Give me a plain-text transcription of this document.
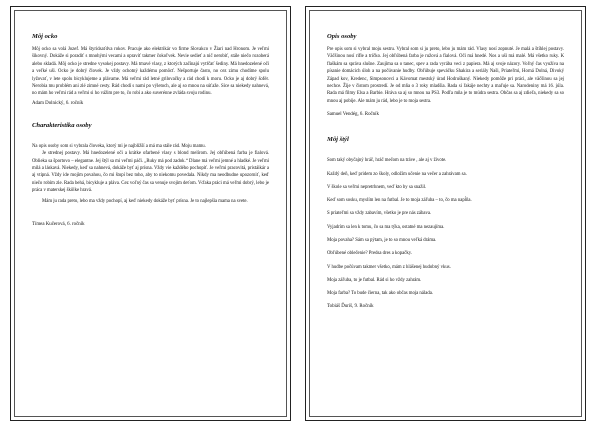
Môj ocko

Môj ocko sa volá Jozef. Má štyridsaťdva rokov. Pracuje ako elektrikár vo firme Slovakco v Žiari nad Hronom. Je veľmi šikovný. Dokáže si poradiť s mnohými vecami a opraviť takmer čokoľvek. Neviе sedieť a nič nerobiť, stále niečo rozoberá alebo skladá. Môj ocko je stredne vysokej postavy. Má tmavé vlasy, z ktorých začínajú vytŕčať šediny. Má hnedozelené oči a veľké uši. Ocko je dobrý človek. Je vždy ochotný každému pomôcť. Nešportuje často, no cez zimu chodíme spolu lyžovať, v lete spolu bicyklujeme a plávame. Má veľmi rád letné grilovačky a rád chodí k moru. Ocko je aj dobrý šofér. Nerobia mu problém ani zlé zimné cesty. Rád chodí s nami po výletoch, ale aj so mnou na súťaže. Sice sa niekedy nahnevá, no mám ho veľmi rád a veľmi si ho vážim pre to, čo robí a ako suverénne zvláda svoju rodinu.

Adam Dolnický, 6. ročník

Charakteristika osoby

Na opis osoby som si vybrala človeka, ktorý mi je najbližší a má ma stále rád. Moju mamu.

Je strednej postavy. Má hnedozelené oči a krátke ofarbené vlasy s blond melírom. Jej obľúbená farba je fialová. Oblieka sa športovo – elegantne. Jej štýl sa mi veľmi páči. „Ruky má pod zadok.“ Dlane má veľmi jemné a hladké. Je veľmi milá a láskavá. Niekedy, keď sa nahnevá, dokáže byť aj prísna. Vždy vie každého pochopiť. Je veľmi pracovitá, pristáikár a aj vtipná. Vždy ide mojím povahou, čo mi štopí bez toho, aby to niekomu povedala. Nikdy ma neodbudne upozorniť, keď niečo robím zle. Rada behá, bicykluje a pláva. Cez voľný čas sa venuje svojim deťom. Vďaka práci má veľmi dobrý, lebo je práca v materskej škôlke hravá.

Mám ju rada preto, lebo ma vždy pochopí, aj keď niekedy dokáže byť prísna. Je to najlepšia mama na svete.

Tímea Kučerová, 6. ročník

Opis osoby

Pre opis som si vybral moju sestru. Vybral som si ju preto, lebo ju mám rád. Vlasy nosí zopnuté. Je malá a štíhlej postavy. Väčšinou nosí rifle a tričko. Jej obľúbená farba je ružová a fialová. Oči má hnedé. Nos a uši má malé. Má všetko ruky. K flaškám sa správa slušne. Zaujíma sa o tanec, spev a rada vyrába veci z papiera. Má aj svoje názory. Voľný čas využíva na písanie domácich úloh a na počúvanie hudby. Obľúbuje speváčku Shakira a seriály Naši, Priateľmi, Horná Dolná, Divoký Západ kov, Kredenc, Simpsonovci a Kávomat mestský úrad Hodruškaný. Niekedy pomôže pri práci, ale väčšinou sa jej nechce. Žije v čistom prostredí. Je od mňa o 3 roky mladšia. Rada si ľakáje nechtу a maľuje sa. Narodeniny má 16. júla. Rada má filmy Elsa a Barbie. Hráva sa aj so mnou na PS3. Podľa mňa je to múdra sestra. Občas sa aj zdieľa, niekedy sa so mnou aj pobije. Ale mám ju rád, lebo je to moja sestra.

Samuel Vendég, 6. Ročník

Môj štýl

Som taký obyčajný hráč, hráč mečom na tráve , ale aj v živote.

Každý deň, keď pridem zo školy, odložím učenie na večer a zahrávam sa.

V škole sa veľmi nepretrhnem, veď kto by sa snažil.

Keď som sosku, myslím len na futbal. Je to moja záľuba – to, čo ma napĺňa.

S priateľmi sa vždy zabavím, všetko je pre nás zábava.

Vyjadrím sa len k tomu, čo sa ma týka, ostatné ma nezaujíma.

Moja povaha? Sám sa pýtam, je to so mnou veľká dráma.

Obľúbené oblečenie? Predsa dres a kopačky.

V hudbe počúvam takmer všetko, mám z hlášenej hudobný vkus.

Moja záľuba, to je futbal. Rád si ho vždy zahrám.

Moja farba? To bude čierna, tak ako občas moja nálada.

Tobiáš Ďuriš, 9. Ročník
